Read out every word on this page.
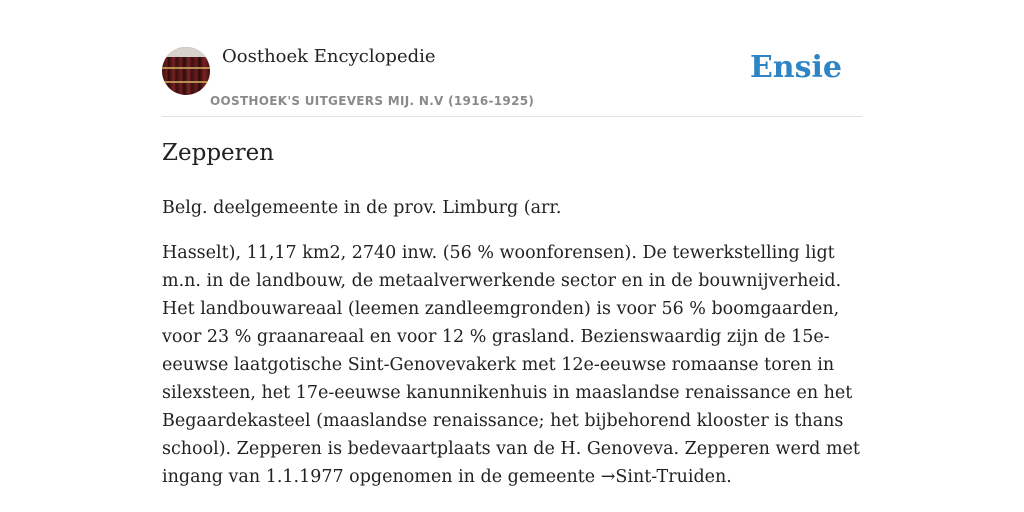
Oosthoek Encyclopedie
OOSTHOEK'S UITGEVERS MIJ. N.V (1916-1925)
Ensie
Zepperen

Belg. deelgemeente in de prov. Limburg (arr.

Hasselt), 11,17 km2, 2740 inw. (56 % woonforensen). De tewerkstelling ligt m.n. in de landbouw, de metaalverwerkende sector en in de bouwnijverheid. Het landbouwareaal (leemen zandleemgronden) is voor 56 % boomgaarden, voor 23 % graanareaal en voor 12 % grasland. Bezienswaardig zijn de 15e-eeuwse laatgotische Sint-Genovevakerk met 12e-eeuwse romaanse toren in silexsteen, het 17e-eeuwse kanunnikenhuis in maaslandse renaissance en het Begaardekasteel (maaslandse renaissance; het bijbehorend klooster is thans school). Zepperen is bedevaartplaats van de H. Genoveva. Zepperen werd met ingang van 1.1.1977 opgenomen in de gemeente →Sint-Truiden.
